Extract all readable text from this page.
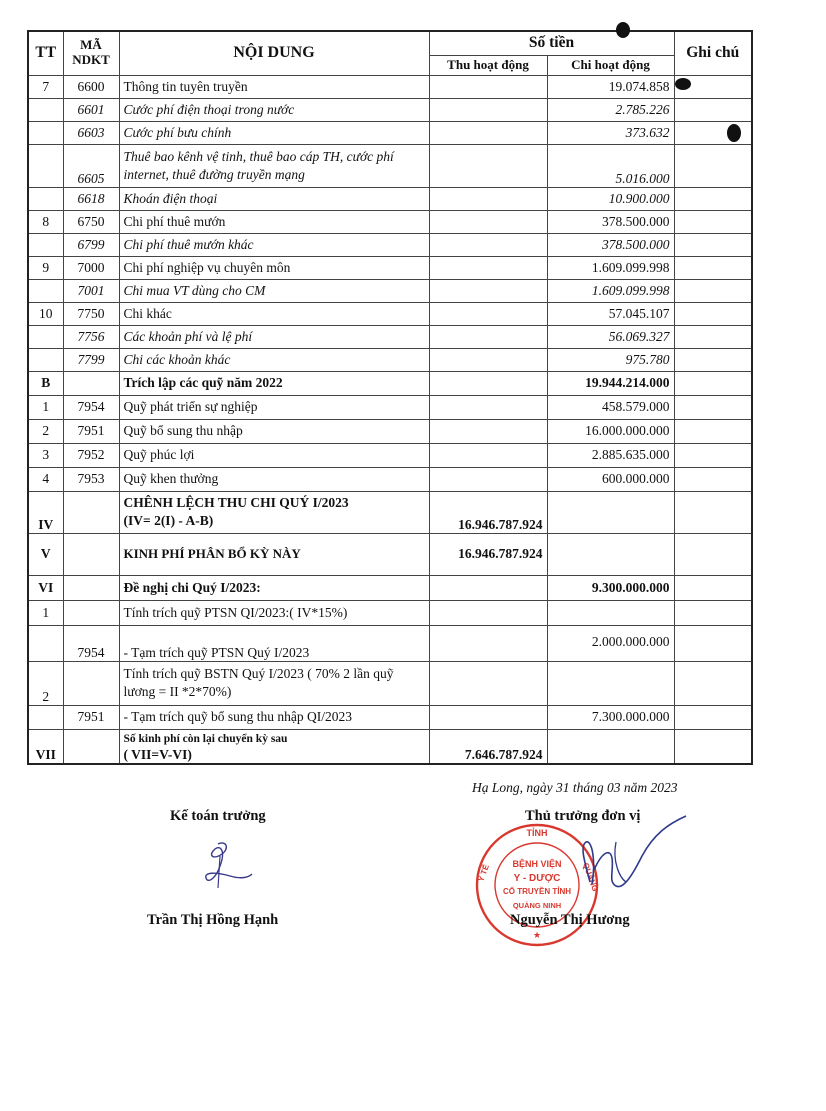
TT	MÃ
NDKT	NỘI DUNG	Số tiền		Ghi chú
			Thu hoạt động	Chi hoạt động	
7	6600	Thông tin tuyên truyền		19.074.858	
	6601	Cước phí điện thoại trong nước		2.785.226	
	6603	Cước phí bưu chính		373.632	
	6605	Thuê bao kênh vệ tinh, thuê bao cáp TH, cước phí internet, thuê đường truyền mạng		5.016.000	
	6618	Khoán điện thoại		10.900.000	
8	6750	Chi phí thuê mướn		378.500.000	
	6799	Chi phí thuê mướn khác		378.500.000	
9	7000	Chi phí nghiệp vụ chuyên môn		1.609.099.998	
	7001	Chi mua VT dùng cho CM		1.609.099.998	
10	7750	Chi khác		57.045.107	
	7756	Các khoản phí và lệ phí		56.069.327	
	7799	Chi các khoản khác		975.780	
B		Trích lập các quỹ năm 2022		19.944.214.000	
1	7954	Quỹ phát triển sự nghiệp		458.579.000	
2	7951	Quỹ bổ sung thu nhập		16.000.000.000	
3	7952	Quỹ phúc lợi		2.885.635.000	
4	7953	Quỹ khen thưởng		600.000.000	
IV		CHÊNH LỆCH THU CHI QUÝ I/2023
(IV= 2(I) - A-B)	16.946.787.924		
V		KINH PHÍ PHÂN BỔ KỲ NÀY	16.946.787.924		
VI		Đề nghị chi Quý I/2023:		9.300.000.000	
1		Tính trích quỹ PTSN QI/2023:( IV*15%)			
	7954	- Tạm trích quỹ PTSN Quý I/2023		2.000.000.000	
2		Tính trích quỹ BSTN Quý I/2023 ( 70% 2 lần quỹ lương = II *2*70%)			
	7951	- Tạm trích quỹ bổ sung thu nhập QI/2023		7.300.000.000	
VII		Số kinh phí còn lại chuyển kỳ sau
( VII=V-VI)	7.646.787.924		
Hạ Long, ngày 31 tháng 03 năm 2023
Kế toán trưởng
Trần Thị Hồng Hạnh
Thủ trưởng đơn vị
TỈNH
Y TẾ	QUẢNG
BỆNH VIỆN
Y - DƯỢC
CỔ TRUYỀN TỈNH
QUẢNG NINH
★
Nguyễn Thị Hương
